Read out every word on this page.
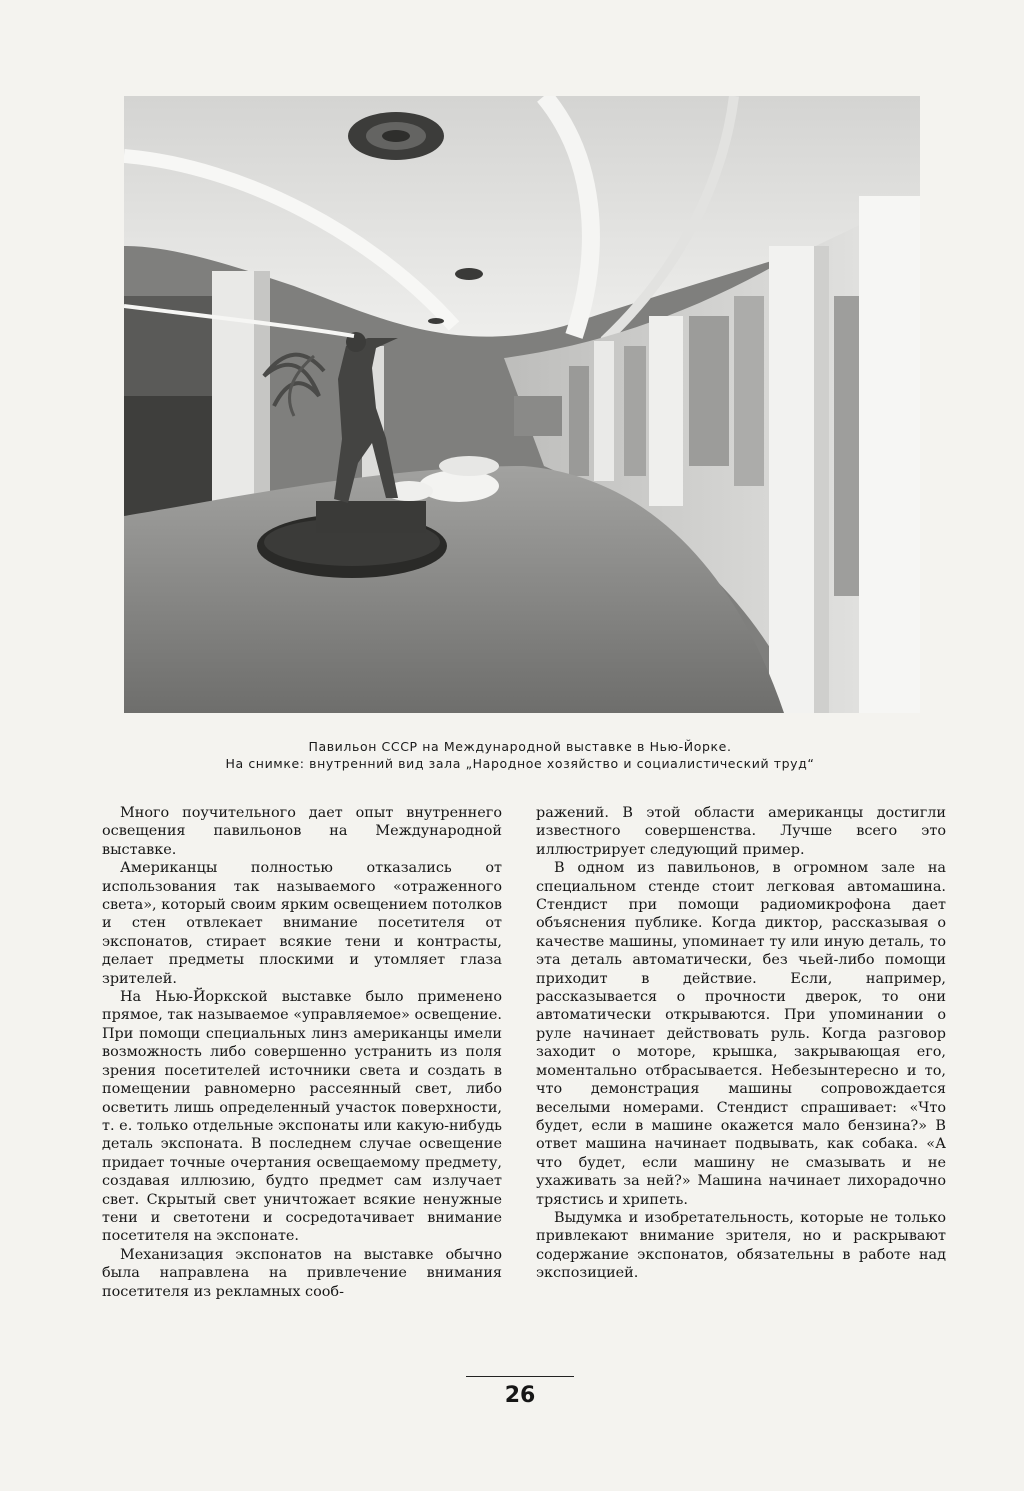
Павильон СССР на Международной выставке в Нью-Йорке.
На снимке: внутренний вид зала „Народное хозяйство и социалистический труд“

Много поучительного дает опыт внутреннего освещения павильонов на Международной выставке.

Американцы полностью отказались от использования так называемого «отраженного света», который своим ярким освещением потолков и стен отвлекает внимание посетителя от экспонатов, стирает всякие тени и контрасты, делает предметы плоскими и утомляет глаза зрителей.

На Нью-Йоркской выставке было применено прямое, так называемое «управляемое» освещение. При помощи специальных линз американцы имели возможность либо совершенно устранить из поля зрения посетителей источники света и создать в помещении равномерно рассеянный свет, либо осветить лишь определенный участок поверхности, т. е. только отдельные экспонаты или какую-нибудь деталь экспоната. В последнем случае освещение придает точные очертания освещаемому предмету, создавая иллюзию, будто предмет сам излучает свет. Скрытый свет уничтожает всякие ненужные тени и светотени и сосредотачивает внимание посетителя на экспонате.

Механизация экспонатов на выставке обычно была направлена на привлечение внимания посетителя из рекламных сооб-

ражений. В этой области американцы достигли известного совершенства. Лучше всего это иллюстрирует следующий пример.

В одном из павильонов, в огромном зале на специальном стенде стоит легковая автомашина. Стендист при помощи радиомикрофона дает объяснения публике. Когда диктор, рассказывая о качестве машины, упоминает ту или иную деталь, то эта деталь автоматически, без чьей-либо помощи приходит в действие. Если, например, рассказывается о прочности дверок, то они автоматически открываются. При упоминании о руле начинает действовать руль. Когда разговор заходит о моторе, крышка, закрывающая его, моментально отбрасывается. Небезынтересно и то, что демонстрация машины сопровождается веселыми номерами. Стендист спрашивает: «Что будет, если в машине окажется мало бензина?» В ответ машина начинает подвывать, как собака. «А что будет, если машину не смазывать и не ухаживать за ней?» Машина начинает лихорадочно трястись и хрипеть.

Выдумка и изобретательность, которые не только привлекают внимание зрителя, но и раскрывают содержание экспонатов, обязательны в работе над экспозицией.

26
